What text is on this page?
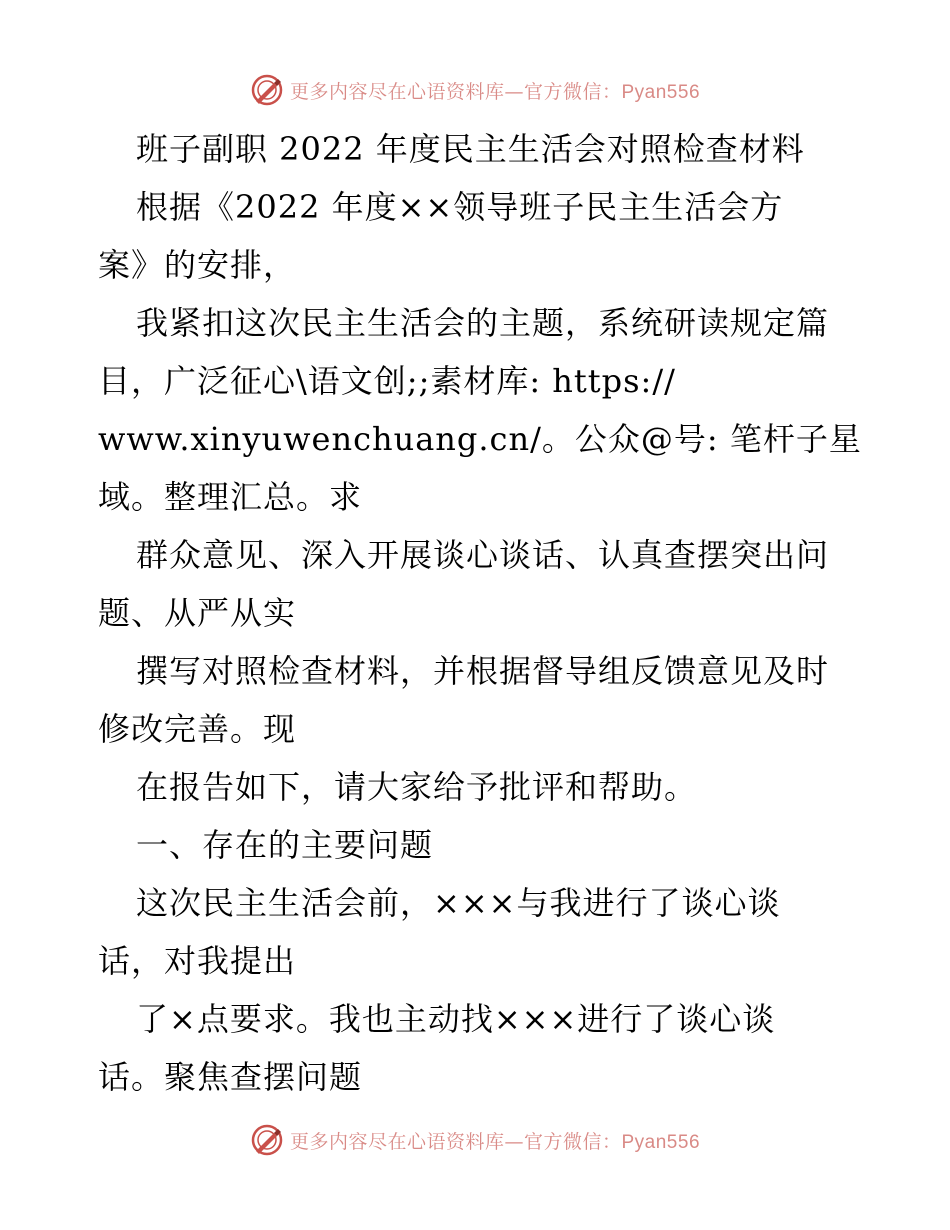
更多内容尽在心语资料库—官方微信：Pyan556
班子副职 2022 年度民主生活会对照检查材料
根据《2022 年度××领导班子民主生活会方
案》的安排，
我紧扣这次民主生活会的主题，系统研读规定篇
目，广泛征心\语文创;;素材库: https://
www.xinyuwenchuang.cn/。公众@号: 笔杆子星
域。整理汇总。求
群众意见、深入开展谈心谈话、认真查摆突出问
题、从严从实
撰写对照检查材料，并根据督导组反馈意见及时
修改完善。现
在报告如下，请大家给予批评和帮助。
一、存在的主要问题
这次民主生活会前，×××与我进行了谈心谈
话，对我提出
了×点要求。我也主动找×××进行了谈心谈
话。聚焦查摆问题
更多内容尽在心语资料库—官方微信：Pyan556
